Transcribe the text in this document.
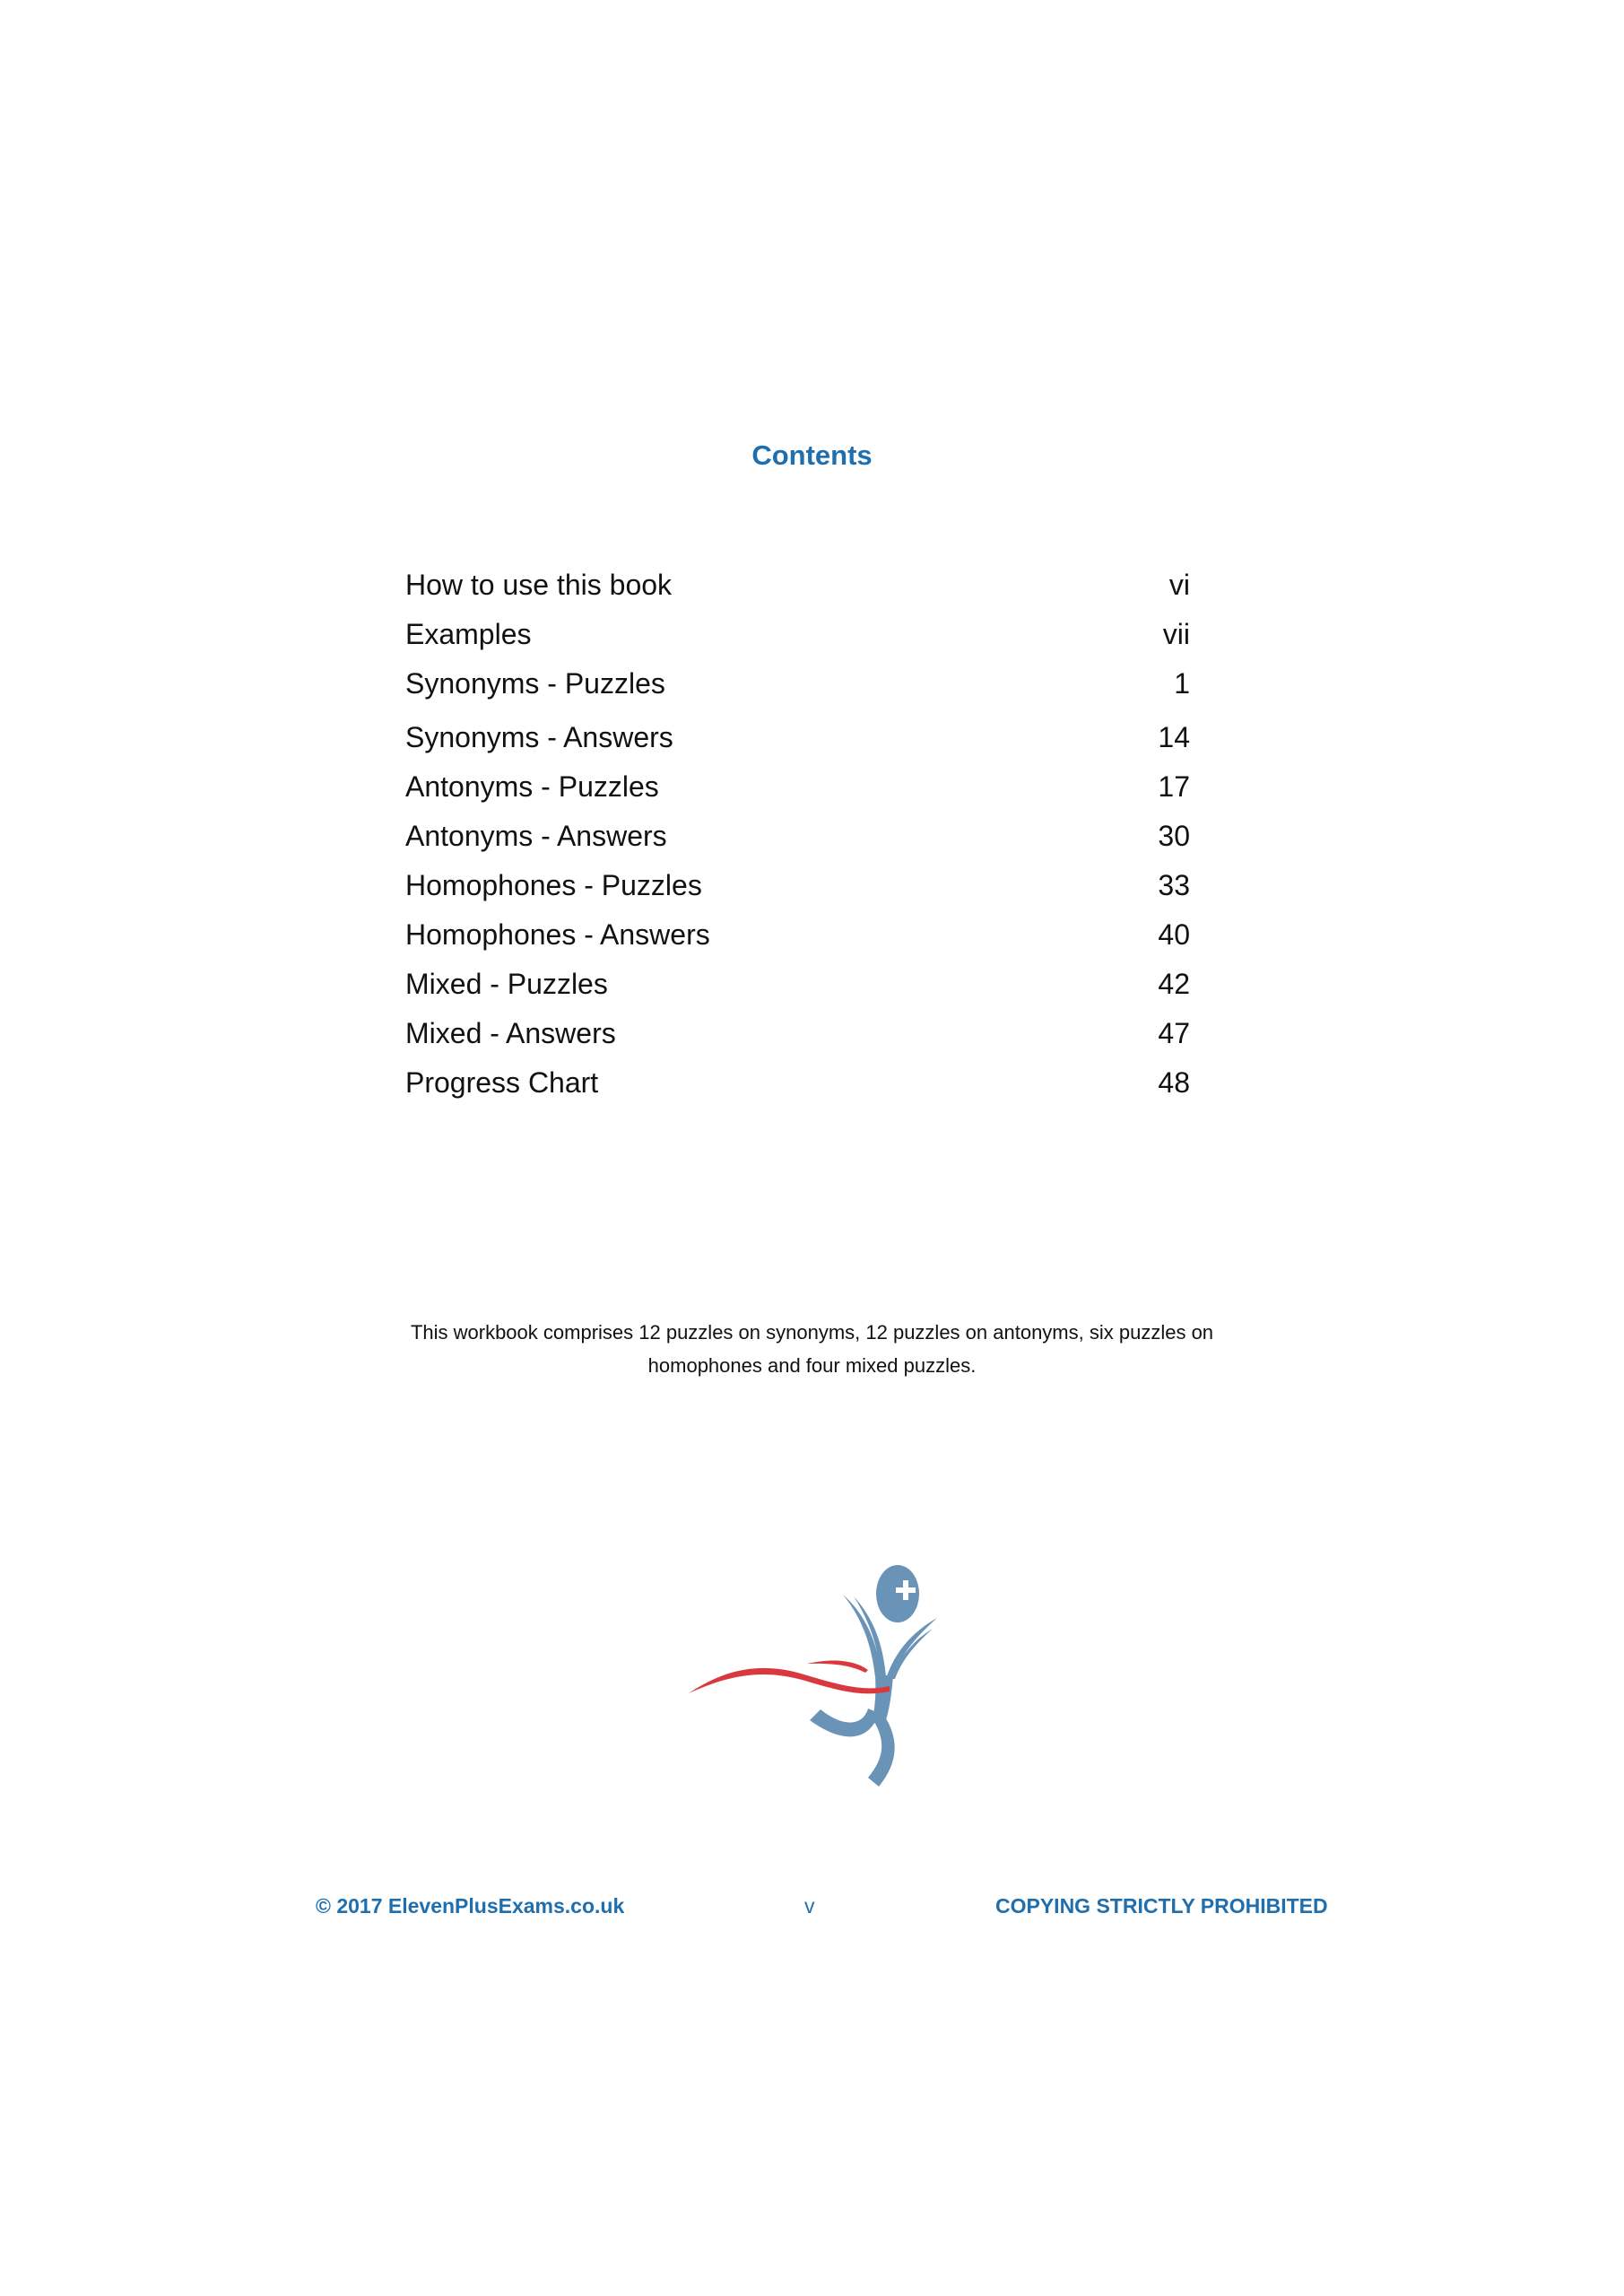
Contents
How to use this book	vi
Examples	vii
Synonyms - Puzzles	1
Synonyms - Answers	14
Antonyms - Puzzles	17
Antonyms - Answers	30
Homophones - Puzzles	33
Homophones - Answers	40
Mixed - Puzzles	42
Mixed - Answers	47
Progress Chart	48
This workbook comprises 12 puzzles on synonyms, 12 puzzles on antonyms, six puzzles on
homophones and four mixed puzzles.
© 2017 ElevenPlusExams.co.uk	v	COPYING STRICTLY PROHIBITED
